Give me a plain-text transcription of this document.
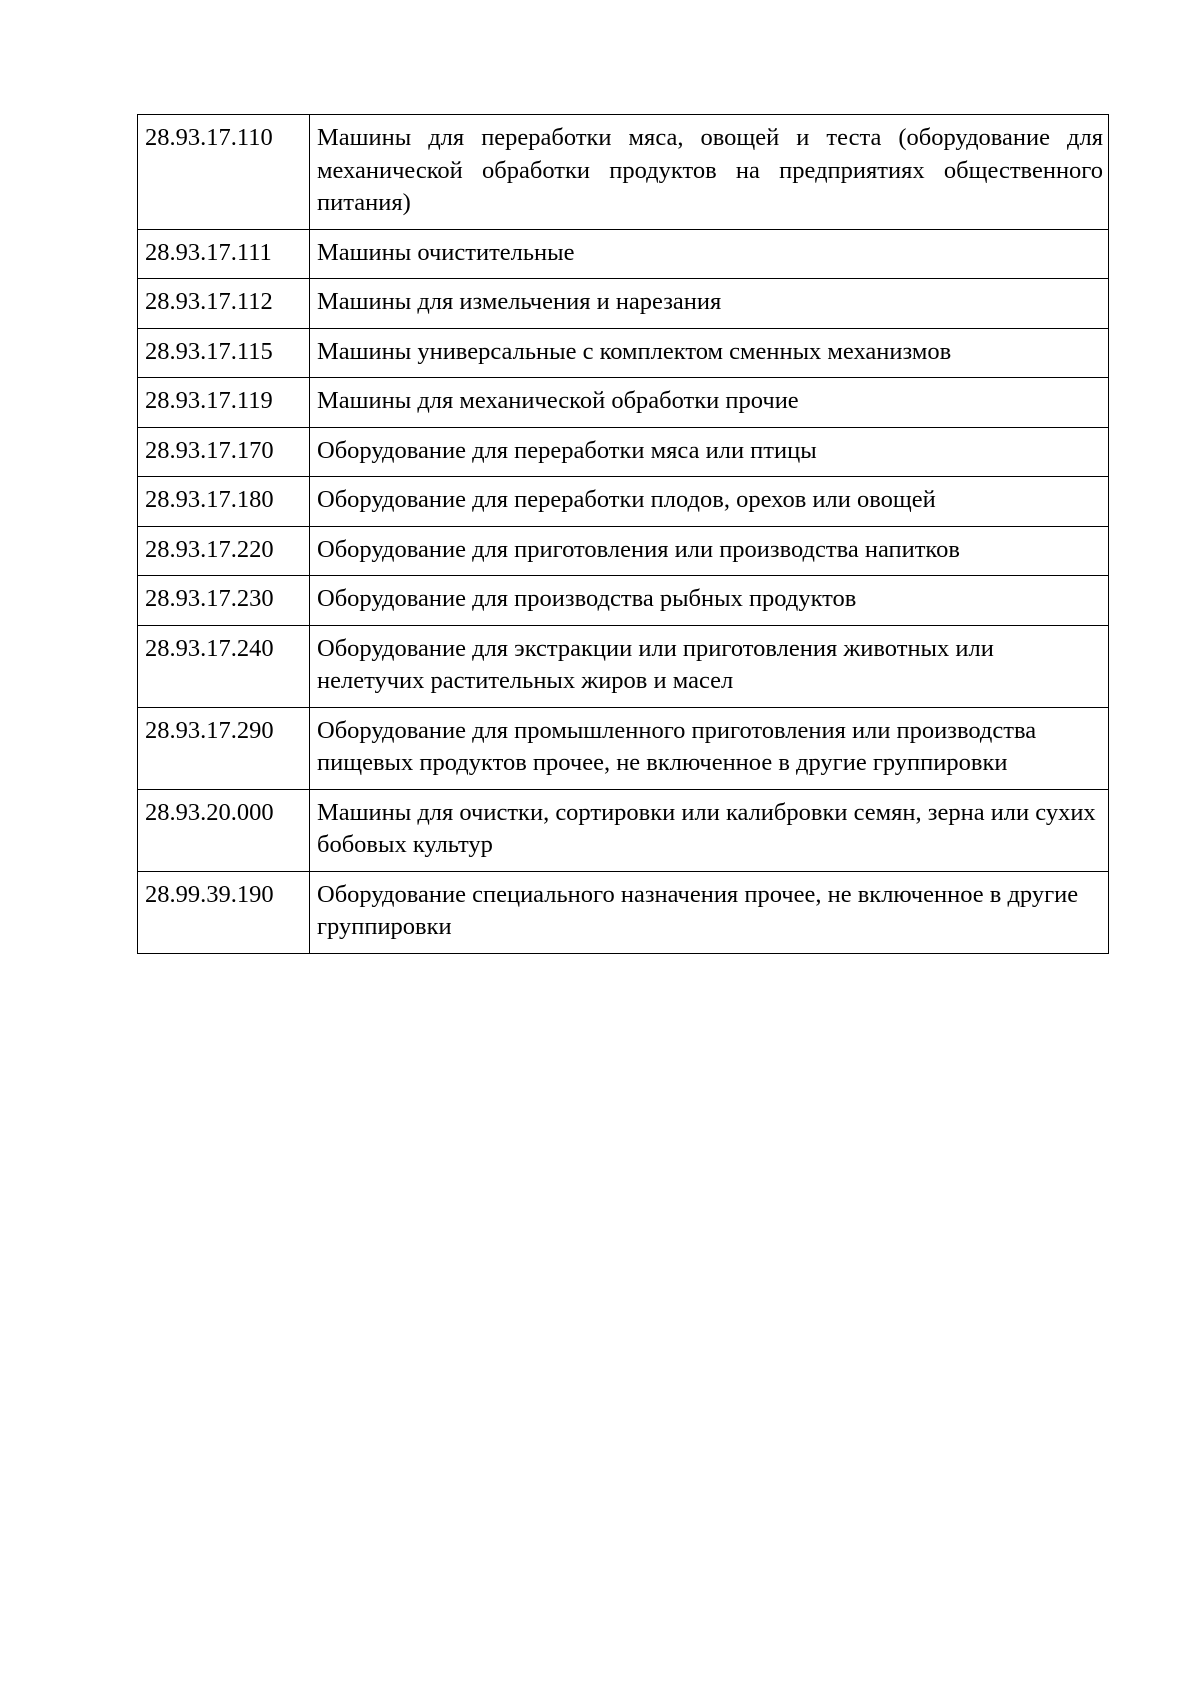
28.93.17.110	Машины для переработки мяса, овощей и теста (оборудование для механической обработки продуктов на предприятиях общественного питания)
28.93.17.111	Машины очистительные
28.93.17.112	Машины для измельчения и нарезания
28.93.17.115	Машины универсальные с комплектом сменных механизмов
28.93.17.119	Машины для механической обработки прочие
28.93.17.170	Оборудование для переработки мяса или птицы
28.93.17.180	Оборудование для переработки плодов, орехов или овощей
28.93.17.220	Оборудование для приготовления или производства напитков
28.93.17.230	Оборудование для производства рыбных продуктов
28.93.17.240	Оборудование для экстракции или приготовления животных или нелетучих растительных жиров и масел
28.93.17.290	Оборудование для промышленного приготовления или производства пищевых продуктов прочее, не включенное в другие группировки
28.93.20.000	Машины для очистки, сортировки или калибровки семян, зерна или сухих бобовых культур
28.99.39.190	Оборудование специального назначения прочее, не включенное в другие группировки
